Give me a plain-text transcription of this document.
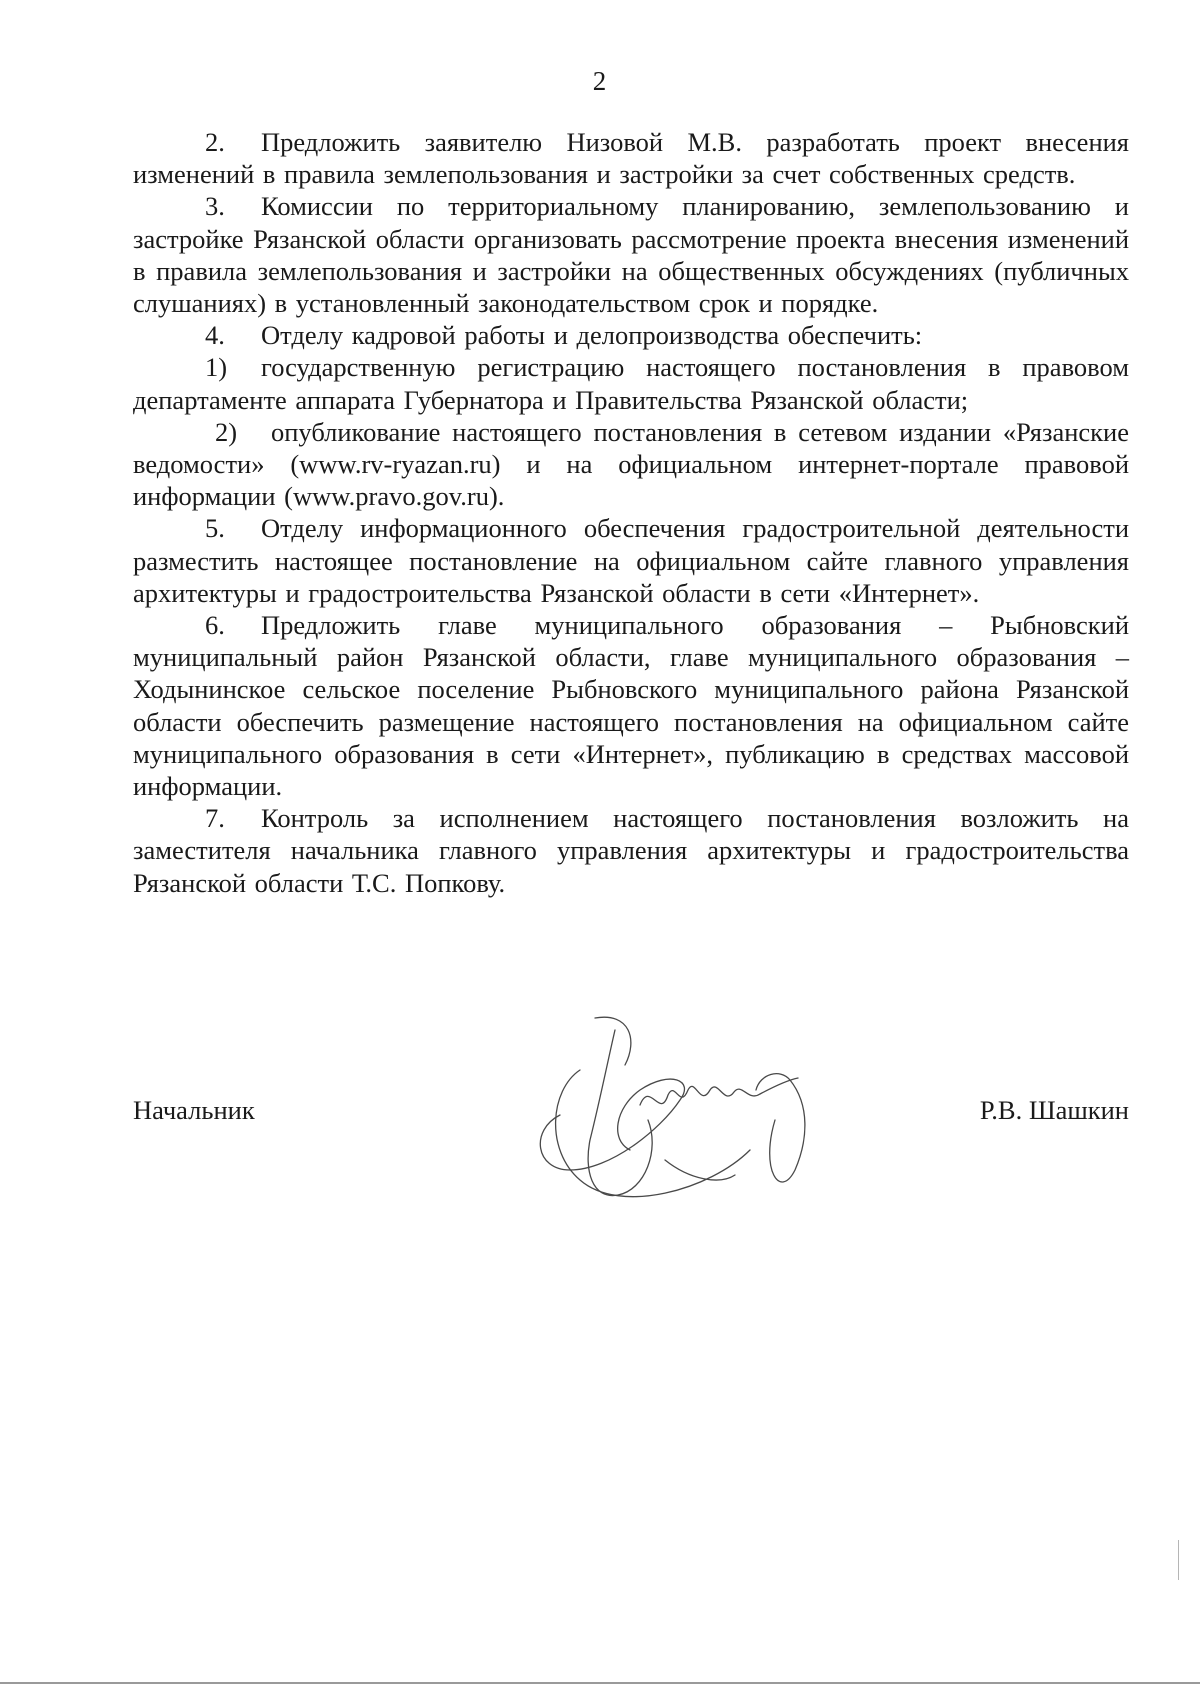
2

2. Предложить заявителю Низовой М.В. разработать проект внесения изменений в правила землепользования и застройки за счет собственных средств.

3. Комиссии по территориальному планированию, землепользованию и застройке Рязанской области организовать рассмотрение проекта внесения изменений в правила землепользования и застройки на общественных обсуждениях (публичных слушаниях) в установленный законодательством срок и порядке.

4. Отделу кадровой работы и делопроизводства обеспечить:

1) государственную регистрацию настоящего постановления в правовом департаменте аппарата Губернатора и Правительства Рязанской области;

2) опубликование настоящего постановления в сетевом издании «Рязанские ведомости» (www.rv-ryazan.ru) и на официальном интернет-портале правовой информации (www.pravo.gov.ru).

5. Отделу информационного обеспечения градостроительной деятельности разместить настоящее постановление на официальном сайте главного управления архитектуры и градостроительства Рязанской области в сети «Интернет».

6. Предложить главе муниципального образования – Рыбновский муниципальный район Рязанской области, главе муниципального образования – Ходынинское сельское поселение Рыбновского муниципального района Рязанской области обеспечить размещение настоящего постановления на официальном сайте муниципального образования в сети «Интернет», публикацию в средствах массовой информации.

7. Контроль за исполнением настоящего постановления возложить на заместителя начальника главного управления архитектуры и градостроительства Рязанской области Т.С. Попкову.

Начальник	Р.В. Шашкин
